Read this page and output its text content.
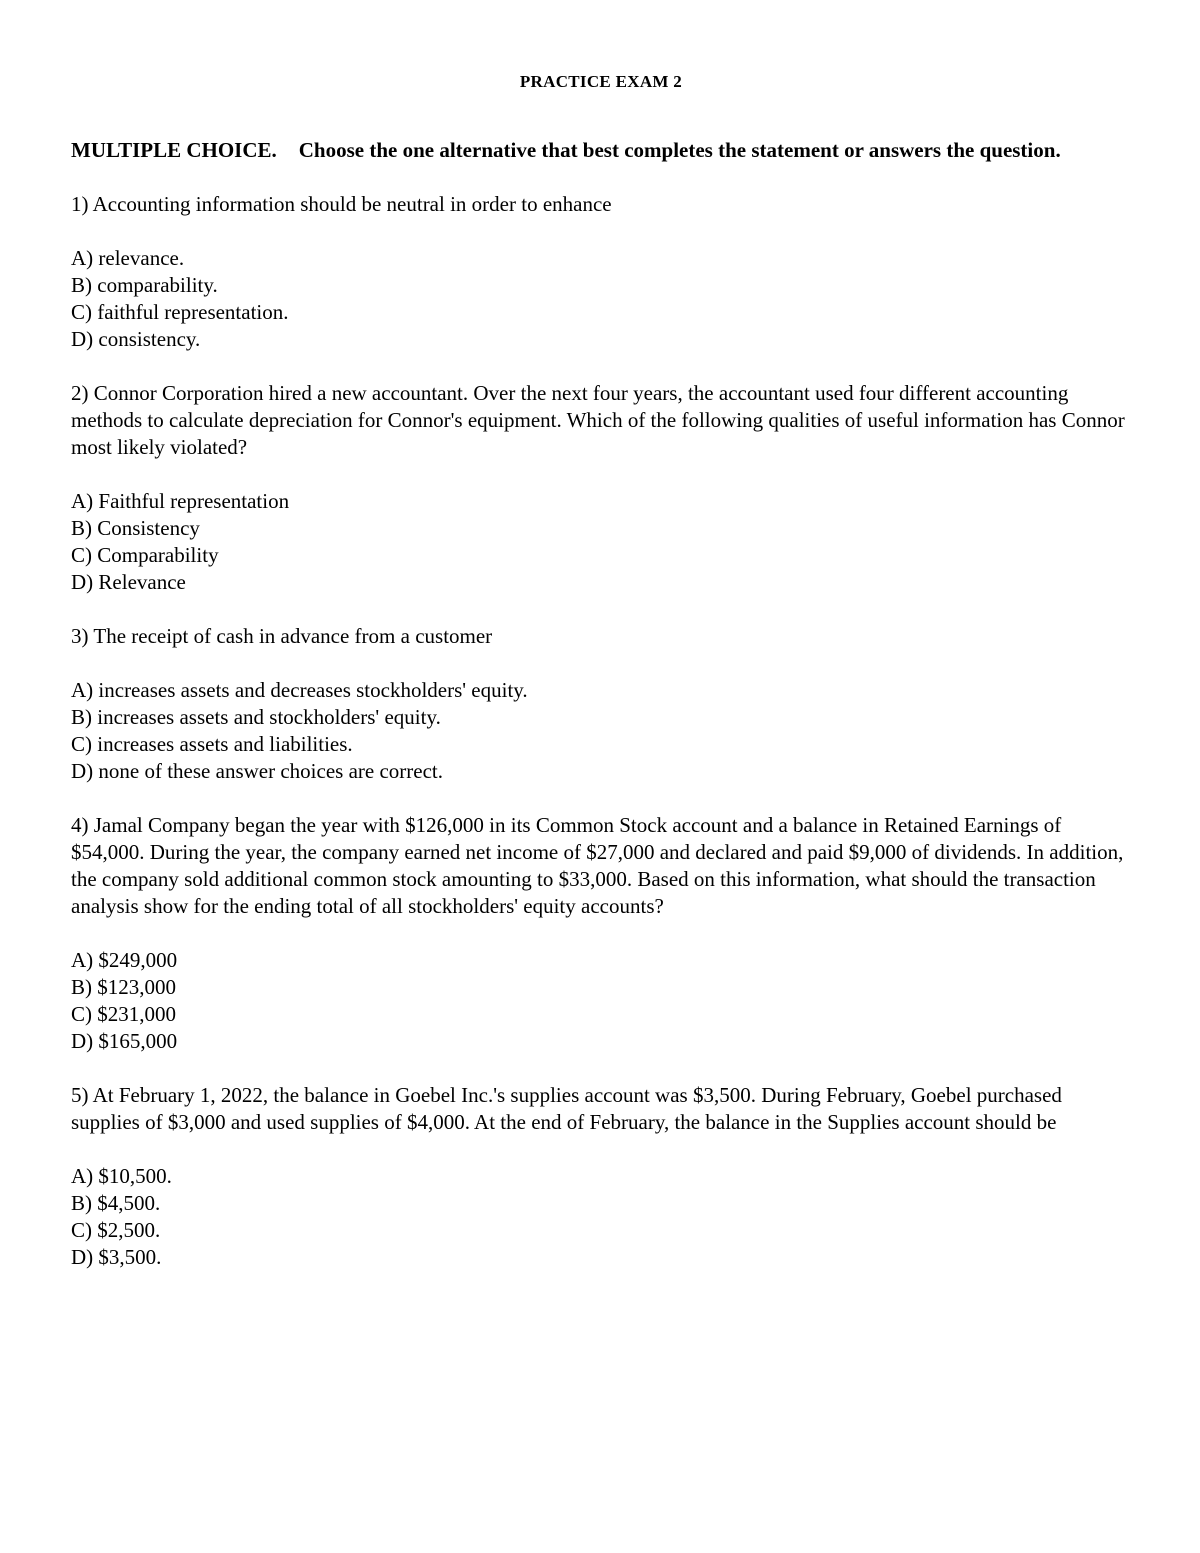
PRACTICE EXAM 2
MULTIPLE CHOICE. Choose the one alternative that best completes the statement or answers the question.
1) Accounting information should be neutral in order to enhance
A) relevance.
B) comparability.
C) faithful representation.
D) consistency.
2) Connor Corporation hired a new accountant. Over the next four years, the accountant used four different accounting methods to calculate depreciation for Connor's equipment. Which of the following qualities of useful information has Connor most likely violated?
A) Faithful representation
B) Consistency
C) Comparability
D) Relevance
3) The receipt of cash in advance from a customer
A) increases assets and decreases stockholders' equity.
B) increases assets and stockholders' equity.
C) increases assets and liabilities.
D) none of these answer choices are correct.
4) Jamal Company began the year with $126,000 in its Common Stock account and a balance in Retained Earnings of $54,000. During the year, the company earned net income of $27,000 and declared and paid $9,000 of dividends. In addition, the company sold additional common stock amounting to $33,000. Based on this information, what should the transaction analysis show for the ending total of all stockholders' equity accounts?
A) $249,000
B) $123,000
C) $231,000
D) $165,000
5) At February 1, 2022, the balance in Goebel Inc.'s supplies account was $3,500. During February, Goebel purchased supplies of $3,000 and used supplies of $4,000. At the end of February, the balance in the Supplies account should be
A) $10,500.
B) $4,500.
C) $2,500.
D) $3,500.
